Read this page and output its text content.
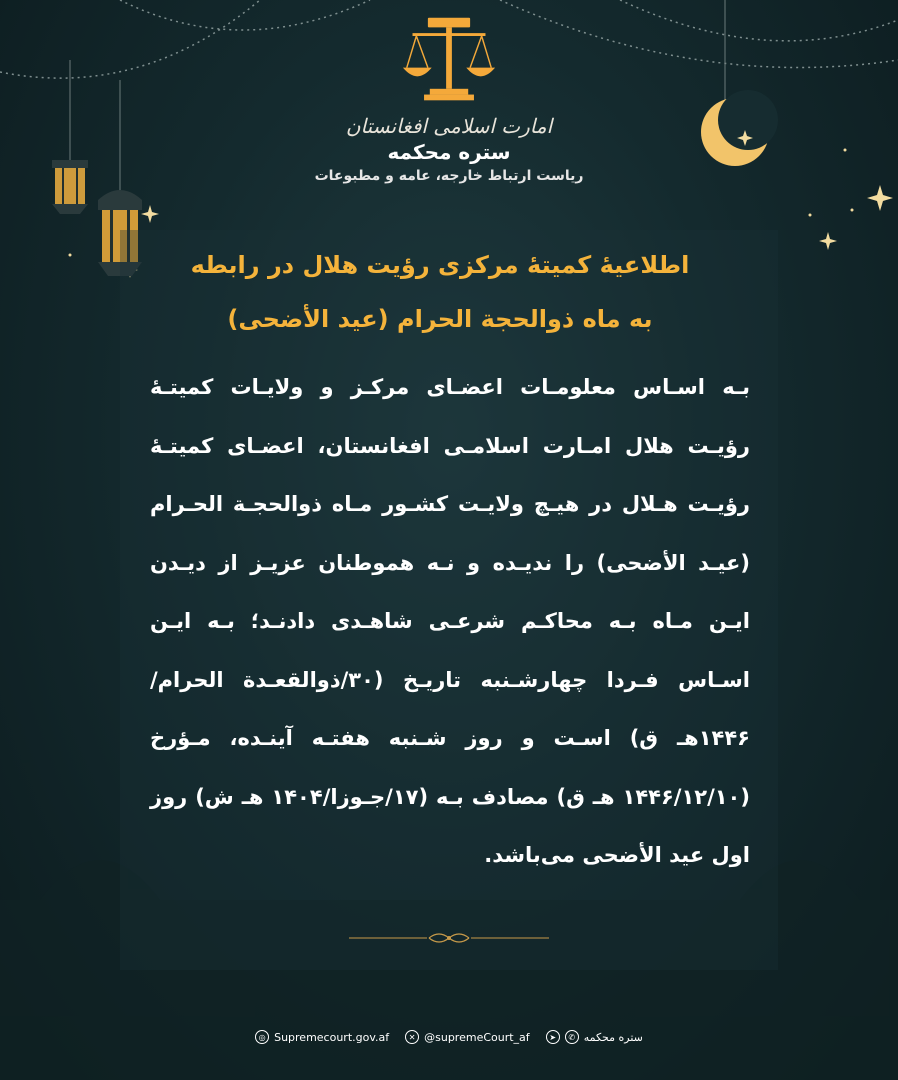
امارت اسلامی افغانستان
ستره محکمه
ریاست ارتباط خارجه، عامه و مطبوعات
اطلاعیهٔ کمیتهٔ مرکزی رؤیت هلال در رابطه
به ماه ذوالحجة الحرام (عید الأضحی)
بـه اسـاس معلومـات اعضـای مرکـز و ولایـات کمیتـهٔ رؤیـت هلال امـارت اسلامـی افغانستان، اعضـای کمیتـهٔ رؤیـت هـلال در هیـچ ولایـت کشـور مـاه ذوالحجـة الحـرام (عیـد الأضحی) را ندیـده و نـه هموطنان عزیـز از دیـدن ایـن مـاه بـه محاکـم شرعـی شاهـدی دادنـد؛ بـه ایـن اسـاس فـردا چهارشـنبه تاریـخ (۳۰/ذوالقعـدة الحرام/۱۴۴۶هـ ق) اسـت و روز شـنبه هفتـه آینـده، مـؤرخ (۱۴۴۶/۱۲/۱۰ هـ ق) مصادف بـه (۱۷/جـوزا/۱۴۰۴ هـ ش) روز اول عید الأضحی می‌باشد.
◎ Supremecourt.gov.af	✕ @supremeCourt_af	➤	✆ ستره محکمه
